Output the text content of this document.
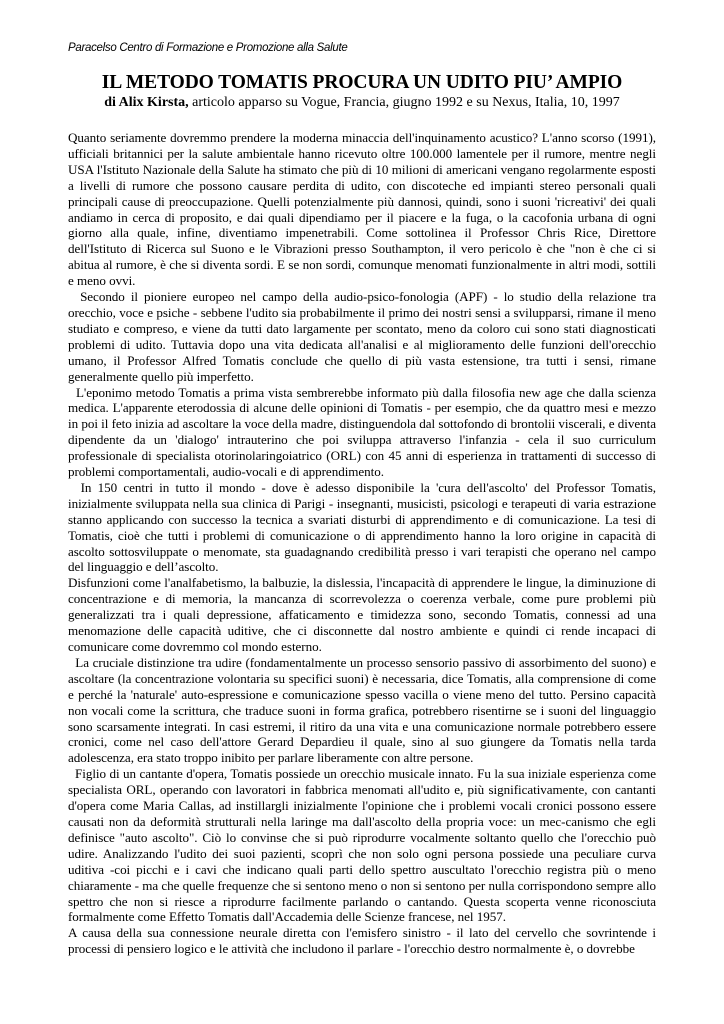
Paracelso Centro di Formazione e Promozione alla Salute
IL METODO TOMATIS PROCURA UN UDITO PIU’ AMPIO

di Alix Kirsta, articolo apparso su Vogue, Francia, giugno 1992 e su Nexus, Italia, 10, 1997

Quanto seriamente dovremmo prendere la moderna minaccia dell'inquinamento acustico? L'anno scorso (1991), ufficiali britannici per la salute ambientale hanno ricevuto oltre 100.000 lamentele per il rumore, mentre negli USA l'Istituto Nazionale della Salute ha stimato che più di 10 milioni di americani vengano regolarmente esposti a livelli di rumore che possono causare perdita di udito, con discoteche ed impianti stereo personali quali principali cause di preoccupazione. Quelli potenzialmente più dannosi, quindi, sono i suoni 'ricreativi' dei quali andiamo in cerca di proposito, e dai quali dipendiamo per il piacere e la fuga, o la cacofonia urbana di ogni giorno alla quale, infine, diventiamo impenetrabili. Come sottolinea il Professor Chris Rice, Direttore dell'Istituto di Ricerca sul Suono e le Vibrazioni presso Southampton, il vero pericolo è che "non è che ci si abitua al rumore, è che si diventa sordi. E se non sordi, comunque menomati funzionalmente in altri modi, sottili e meno ovvi.

Secondo il pioniere europeo nel campo della audio-psico-fonologia (APF) - lo studio della relazione tra orecchio, voce e psiche - sebbene l'udito sia probabilmente il primo dei nostri sensi a svilupparsi, rimane il meno studiato e compreso, e viene da tutti dato largamente per scontato, meno da coloro cui sono stati diagnosticati problemi di udito. Tuttavia dopo una vita dedicata all'analisi e al miglioramento delle funzioni dell'orecchio umano, il Professor Alfred Tomatis conclude che quello di più vasta estensione, tra tutti i sensi, rimane generalmente quello più imperfetto.

L'eponimo metodo Tomatis a prima vista sembrerebbe informato più dalla filosofia new age che dalla scienza medica. L'apparente eterodossia di alcune delle opinioni di Tomatis - per esempio, che da quattro mesi e mezzo in poi il feto inizia ad ascoltare la voce della madre, distinguendola dal sottofondo di brontolii viscerali, e diventa dipendente da un 'dialogo' intrauterino che poi sviluppa attraverso l'infanzia - cela il suo curriculum professionale di specialista otorinolaringoiatrico (ORL) con 45 anni di esperienza in trattamenti di successo di problemi comportamentali, audio-vocali e di apprendimento.

In 150 centri in tutto il mondo - dove è adesso disponibile la 'cura dell'ascolto' del Professor Tomatis, inizialmente sviluppata nella sua clinica di Parigi - insegnanti, musicisti, psicologi e terapeuti di varia estrazione stanno applicando con successo la tecnica a svariati disturbi di apprendimento e di comunicazione. La tesi di Tomatis, cioè che tutti i problemi di comunicazione o di apprendimento hanno la loro origine in capacità di ascolto sottosviluppate o menomate, sta guadagnando credibilità presso i vari terapisti che operano nel campo del linguaggio e dell’ascolto.

Disfunzioni come l'analfabetismo, la balbuzie, la dislessia, l'incapacità di apprendere le lingue, la diminuzione di concentrazione e di memoria, la mancanza di scorrevolezza o coerenza verbale, come pure problemi più generalizzati tra i quali depressione, affaticamento e timidezza sono, secondo Tomatis, connessi ad una menomazione delle capacità uditive, che ci disconnette dal nostro ambiente e quindi ci rende incapaci di comunicare come dovremmo col mondo esterno.

La cruciale distinzione tra udire (fondamentalmente un processo sensorio passivo di assorbimento del suono) e ascoltare (la concentrazione volontaria su specifici suoni) è necessaria, dice Tomatis, alla comprensione di come e perché la 'naturale' auto-espressione e comunicazione spesso vacilla o viene meno del tutto. Persino capacità non vocali come la scrittura, che traduce suoni in forma grafica, potrebbero risentirne se i suoni del linguaggio sono scarsamente integrati. In casi estremi, il ritiro da una vita e una comunicazione normale potrebbero essere cronici, come nel caso dell'attore Gerard Depardieu il quale, sino al suo giungere da Tomatis nella tarda adolescenza, era stato troppo inibito per parlare liberamente con altre persone.

Figlio di un cantante d'opera, Tomatis possiede un orecchio musicale innato. Fu la sua iniziale esperienza come specialista ORL, operando con lavoratori in fabbrica menomati all'udito e, più significativamente, con cantanti d'opera come Maria Callas, ad instillargli inizialmente l'opinione che i problemi vocali cronici possono essere causati non da deformità strutturali nella laringe ma dall'ascolto della propria voce: un mec-canismo che egli definisce "auto ascolto". Ciò lo convinse che si può riprodurre vocalmente soltanto quello che l'orecchio può udire. Analizzando l'udito dei suoi pazienti, scoprì che non solo ogni persona possiede una peculiare curva uditiva -coi picchi e i cavi che indicano quali parti dello spettro auscultato l'orecchio registra più o meno chiaramente - ma che quelle frequenze che si sentono meno o non si sentono per nulla corrispondono sempre allo spettro che non si riesce a riprodurre facilmente parlando o cantando. Questa scoperta venne riconosciuta formalmente come Effetto Tomatis dall'Accademia delle Scienze francese, nel 1957.

A causa della sua connessione neurale diretta con l'emisfero sinistro - il lato del cervello che sovrintende i processi di pensiero logico e le attività che includono il parlare - l'orecchio destro normalmente è, o dovrebbe
